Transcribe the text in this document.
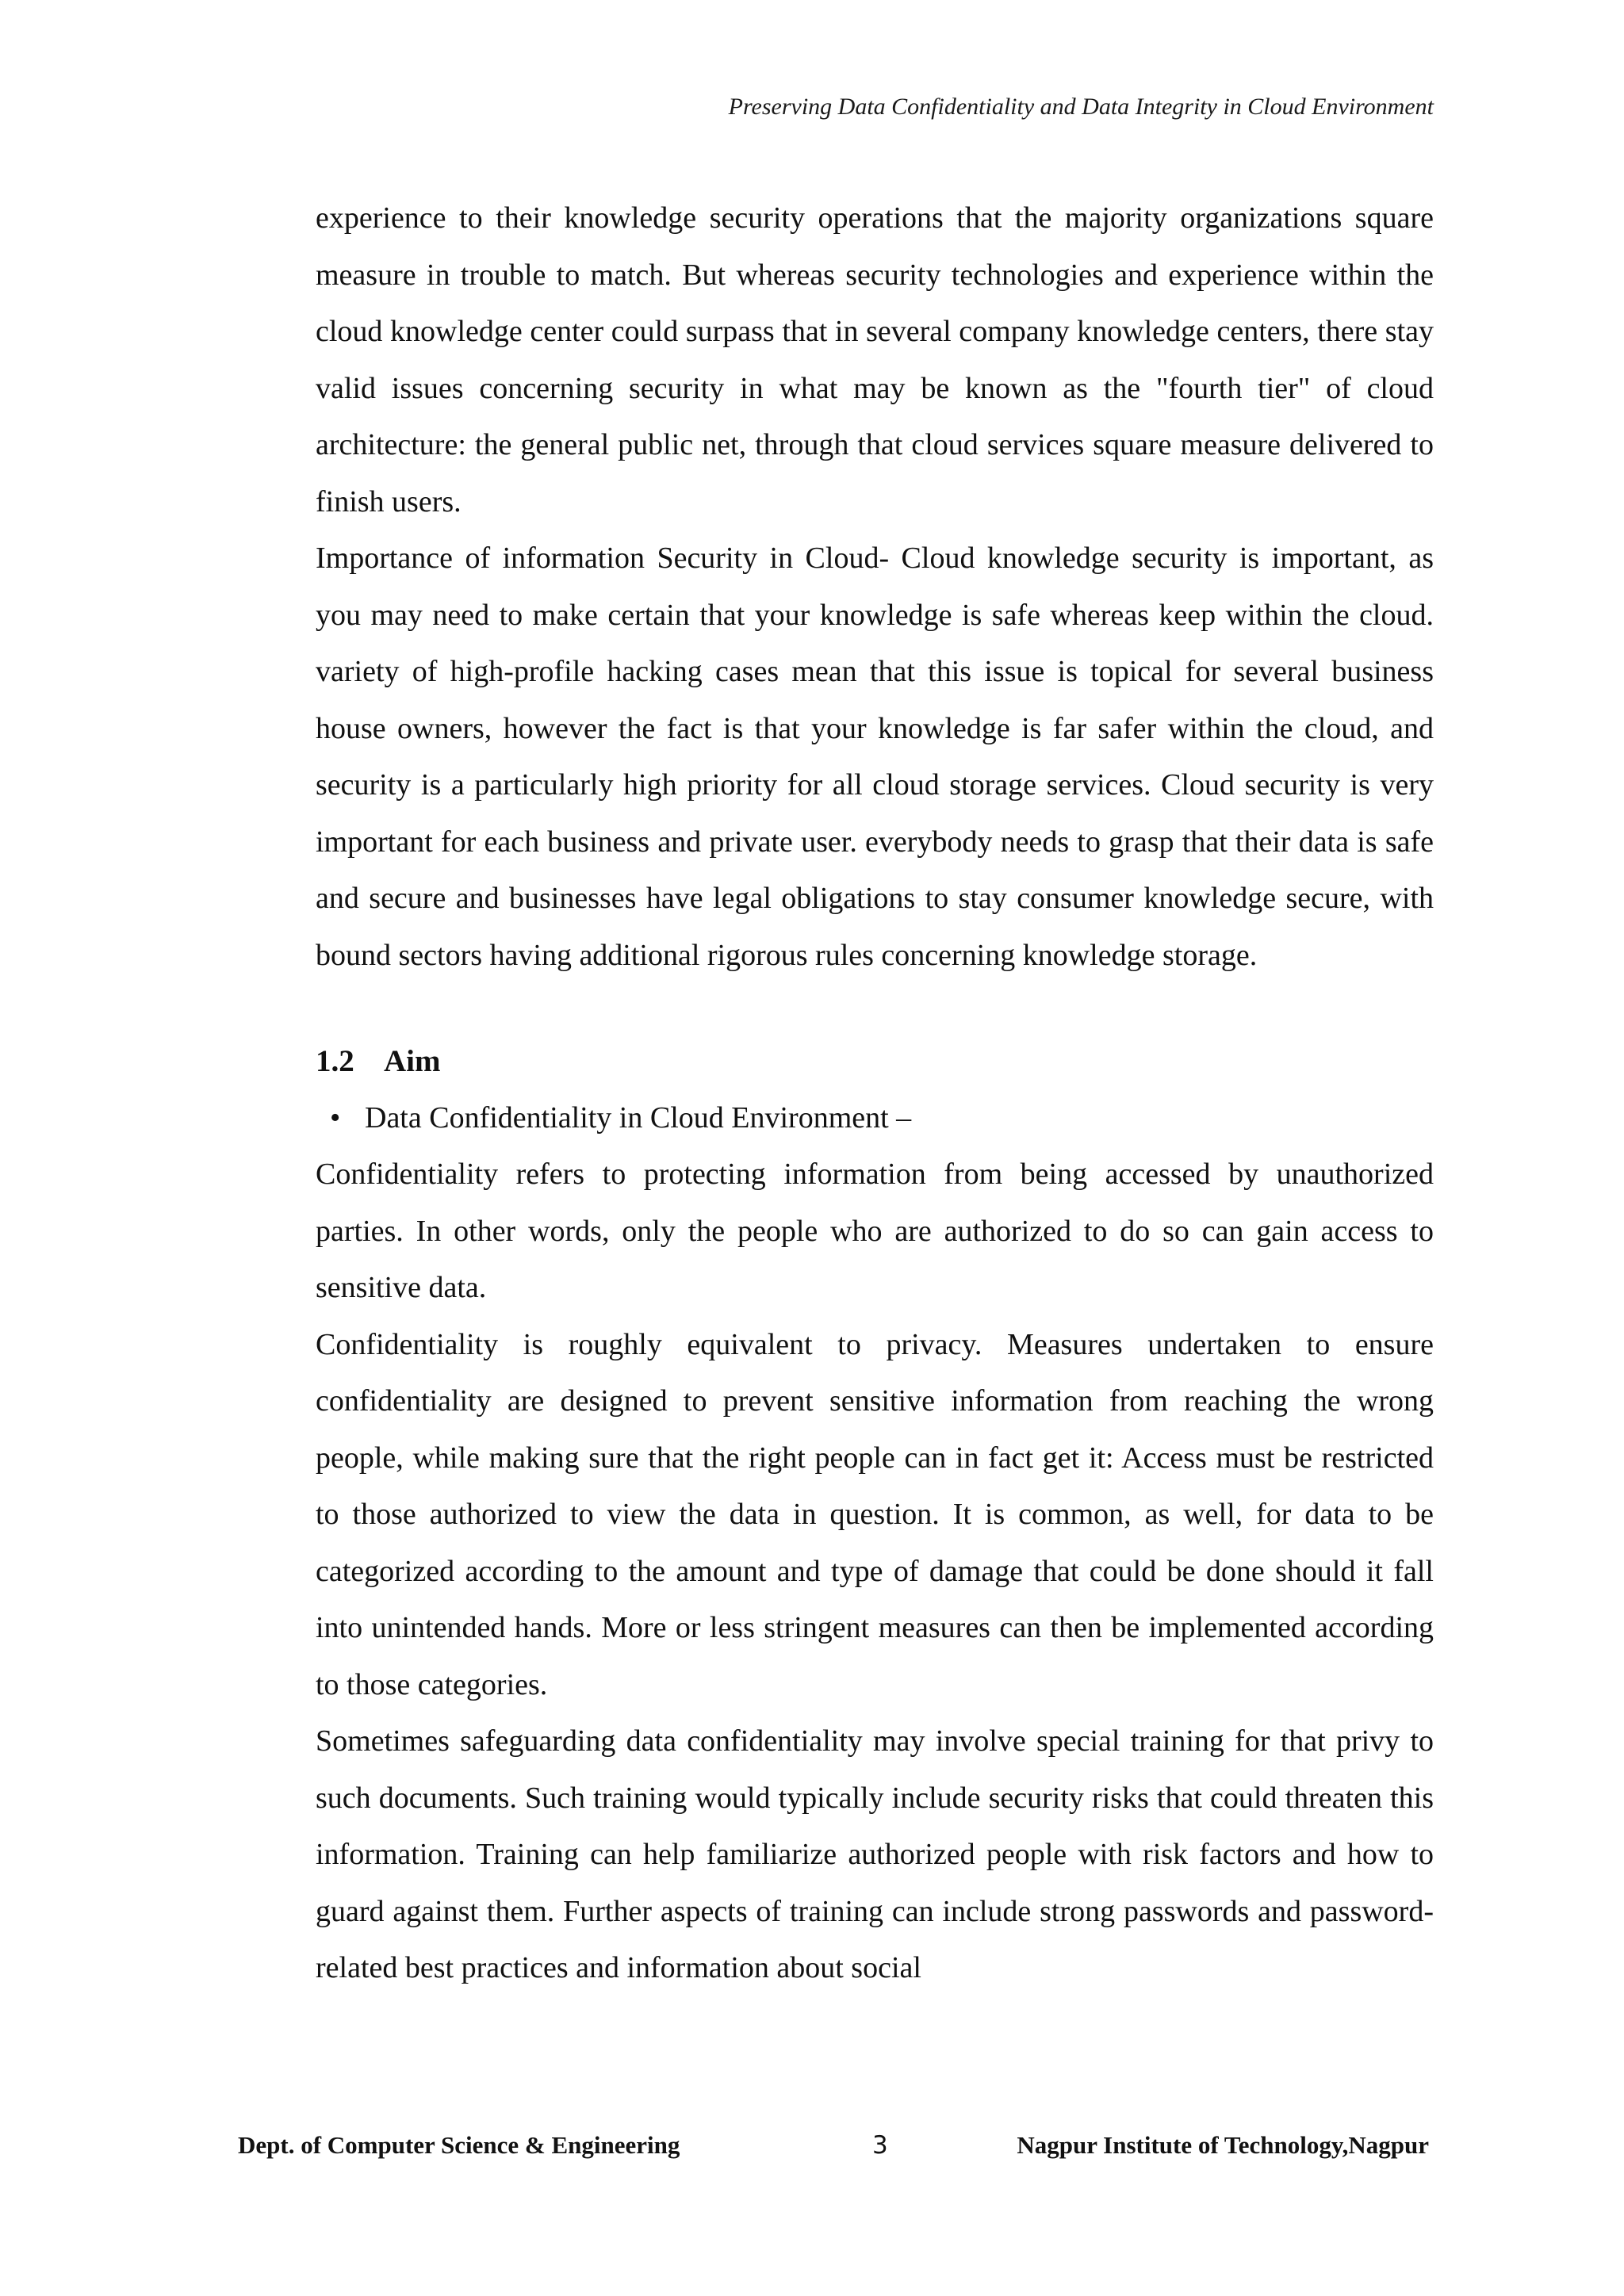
Preserving Data Confidentiality and Data Integrity in Cloud Environment

experience to their knowledge security operations that the majority organizations square measure in trouble to match. But whereas security technologies and experience within the cloud knowledge center could surpass that in several company knowledge centers, there stay valid issues concerning security in what may be known as the "fourth tier" of cloud architecture: the general public net, through that cloud services square measure delivered to finish users.

Importance of information Security in Cloud- Cloud knowledge security is important, as you may need to make certain that your knowledge is safe whereas keep within the cloud. variety of high-profile hacking cases mean that this issue is topical for several business house owners, however the fact is that your knowledge is far safer within the cloud, and security is a particularly high priority for all cloud storage services. Cloud security is very important for each business and private user. everybody needs to grasp that their data is safe and secure and businesses have legal obligations to stay consumer knowledge secure, with bound sectors having additional rigorous rules concerning knowledge storage.

1.2 Aim
• Data Confidentiality in Cloud Environment –

Confidentiality refers to protecting information from being accessed by unauthorized parties. In other words, only the people who are authorized to do so can gain access to sensitive data.

Confidentiality is roughly equivalent to privacy. Measures undertaken to ensure confidentiality are designed to prevent sensitive information from reaching the wrong people, while making sure that the right people can in fact get it: Access must be restricted to those authorized to view the data in question. It is common, as well, for data to be categorized according to the amount and type of damage that could be done should it fall into unintended hands. More or less stringent measures can then be implemented according to those categories.

Sometimes safeguarding data confidentiality may involve special training for that privy to such documents. Such training would typically include security risks that could threaten this information. Training can help familiarize authorized people with risk factors and how to guard against them. Further aspects of training can include strong passwords and password-related best practices and information about social

Dept. of Computer Science & Engineering	3	Nagpur Institute of Technology,Nagpur
